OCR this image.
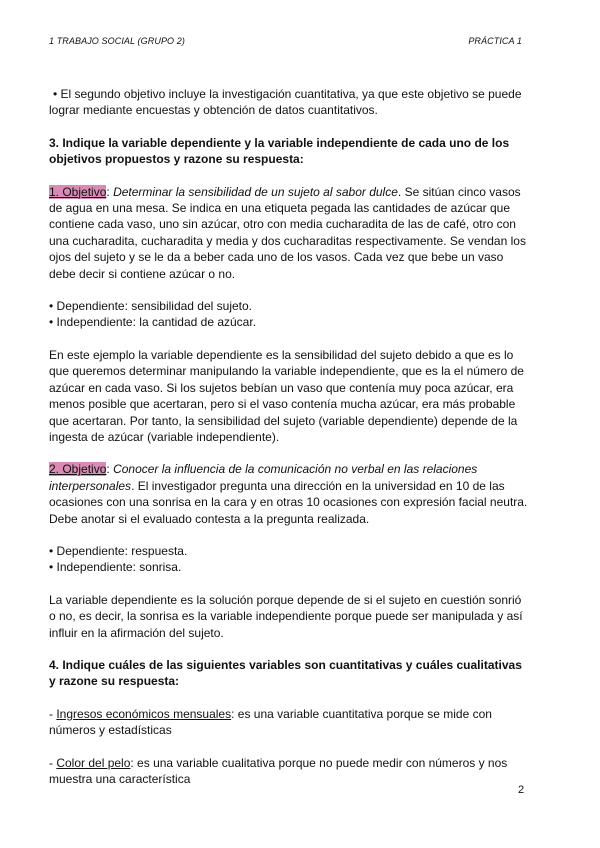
1 TRABAJO SOCIAL (GRUPO 2)	PRÁCTICA 1

• El segundo objetivo incluye la investigación cuantitativa, ya que este objetivo se puede lograr mediante encuestas y obtención de datos cuantitativos.

3. Indique la variable dependiente y la variable independiente de cada uno de los objetivos propuestos y razone su respuesta:

1. Objetivo: Determinar la sensibilidad de un sujeto al sabor dulce. Se sitúan cinco vasos de agua en una mesa. Se indica en una etiqueta pegada las cantidades de azúcar que contiene cada vaso, uno sin azúcar, otro con media cucharadita de las de café, otro con una cucharadita, cucharadita y media y dos cucharaditas respectivamente. Se vendan los ojos del sujeto y se le da a beber cada uno de los vasos. Cada vez que bebe un vaso debe decir si contiene azúcar o no.

• Dependiente: sensibilidad del sujeto.

• Independiente: la cantidad de azúcar.

En este ejemplo la variable dependiente es la sensibilidad del sujeto debido a que es lo que queremos determinar manipulando la variable independiente, que es la el número de azúcar en cada vaso. Si los sujetos bebían un vaso que contenía muy poca azúcar, era menos posible que acertaran, pero si el vaso contenía mucha azúcar, era más probable que acertaran. Por tanto, la sensibilidad del sujeto (variable dependiente) depende de la ingesta de azúcar (variable independiente).

2. Objetivo: Conocer la influencia de la comunicación no verbal en las relaciones interpersonales. El investigador pregunta una dirección en la universidad en 10 de las ocasiones con una sonrisa en la cara y en otras 10 ocasiones con expresión facial neutra. Debe anotar si el evaluado contesta a la pregunta realizada.

• Dependiente: respuesta.

• Independiente: sonrisa.

La variable dependiente es la solución porque depende de si el sujeto en cuestión sonrió o no, es decir, la sonrisa es la variable independiente porque puede ser manipulada y así influir en la afirmación del sujeto.

4. Indique cuáles de las siguientes variables son cuantitativas y cuáles cualitativas y razone su respuesta:

- Ingresos económicos mensuales: es una variable cuantitativa porque se mide con números y estadísticas

- Color del pelo: es una variable cualitativa porque no puede medir con números y nos muestra una característica

2
